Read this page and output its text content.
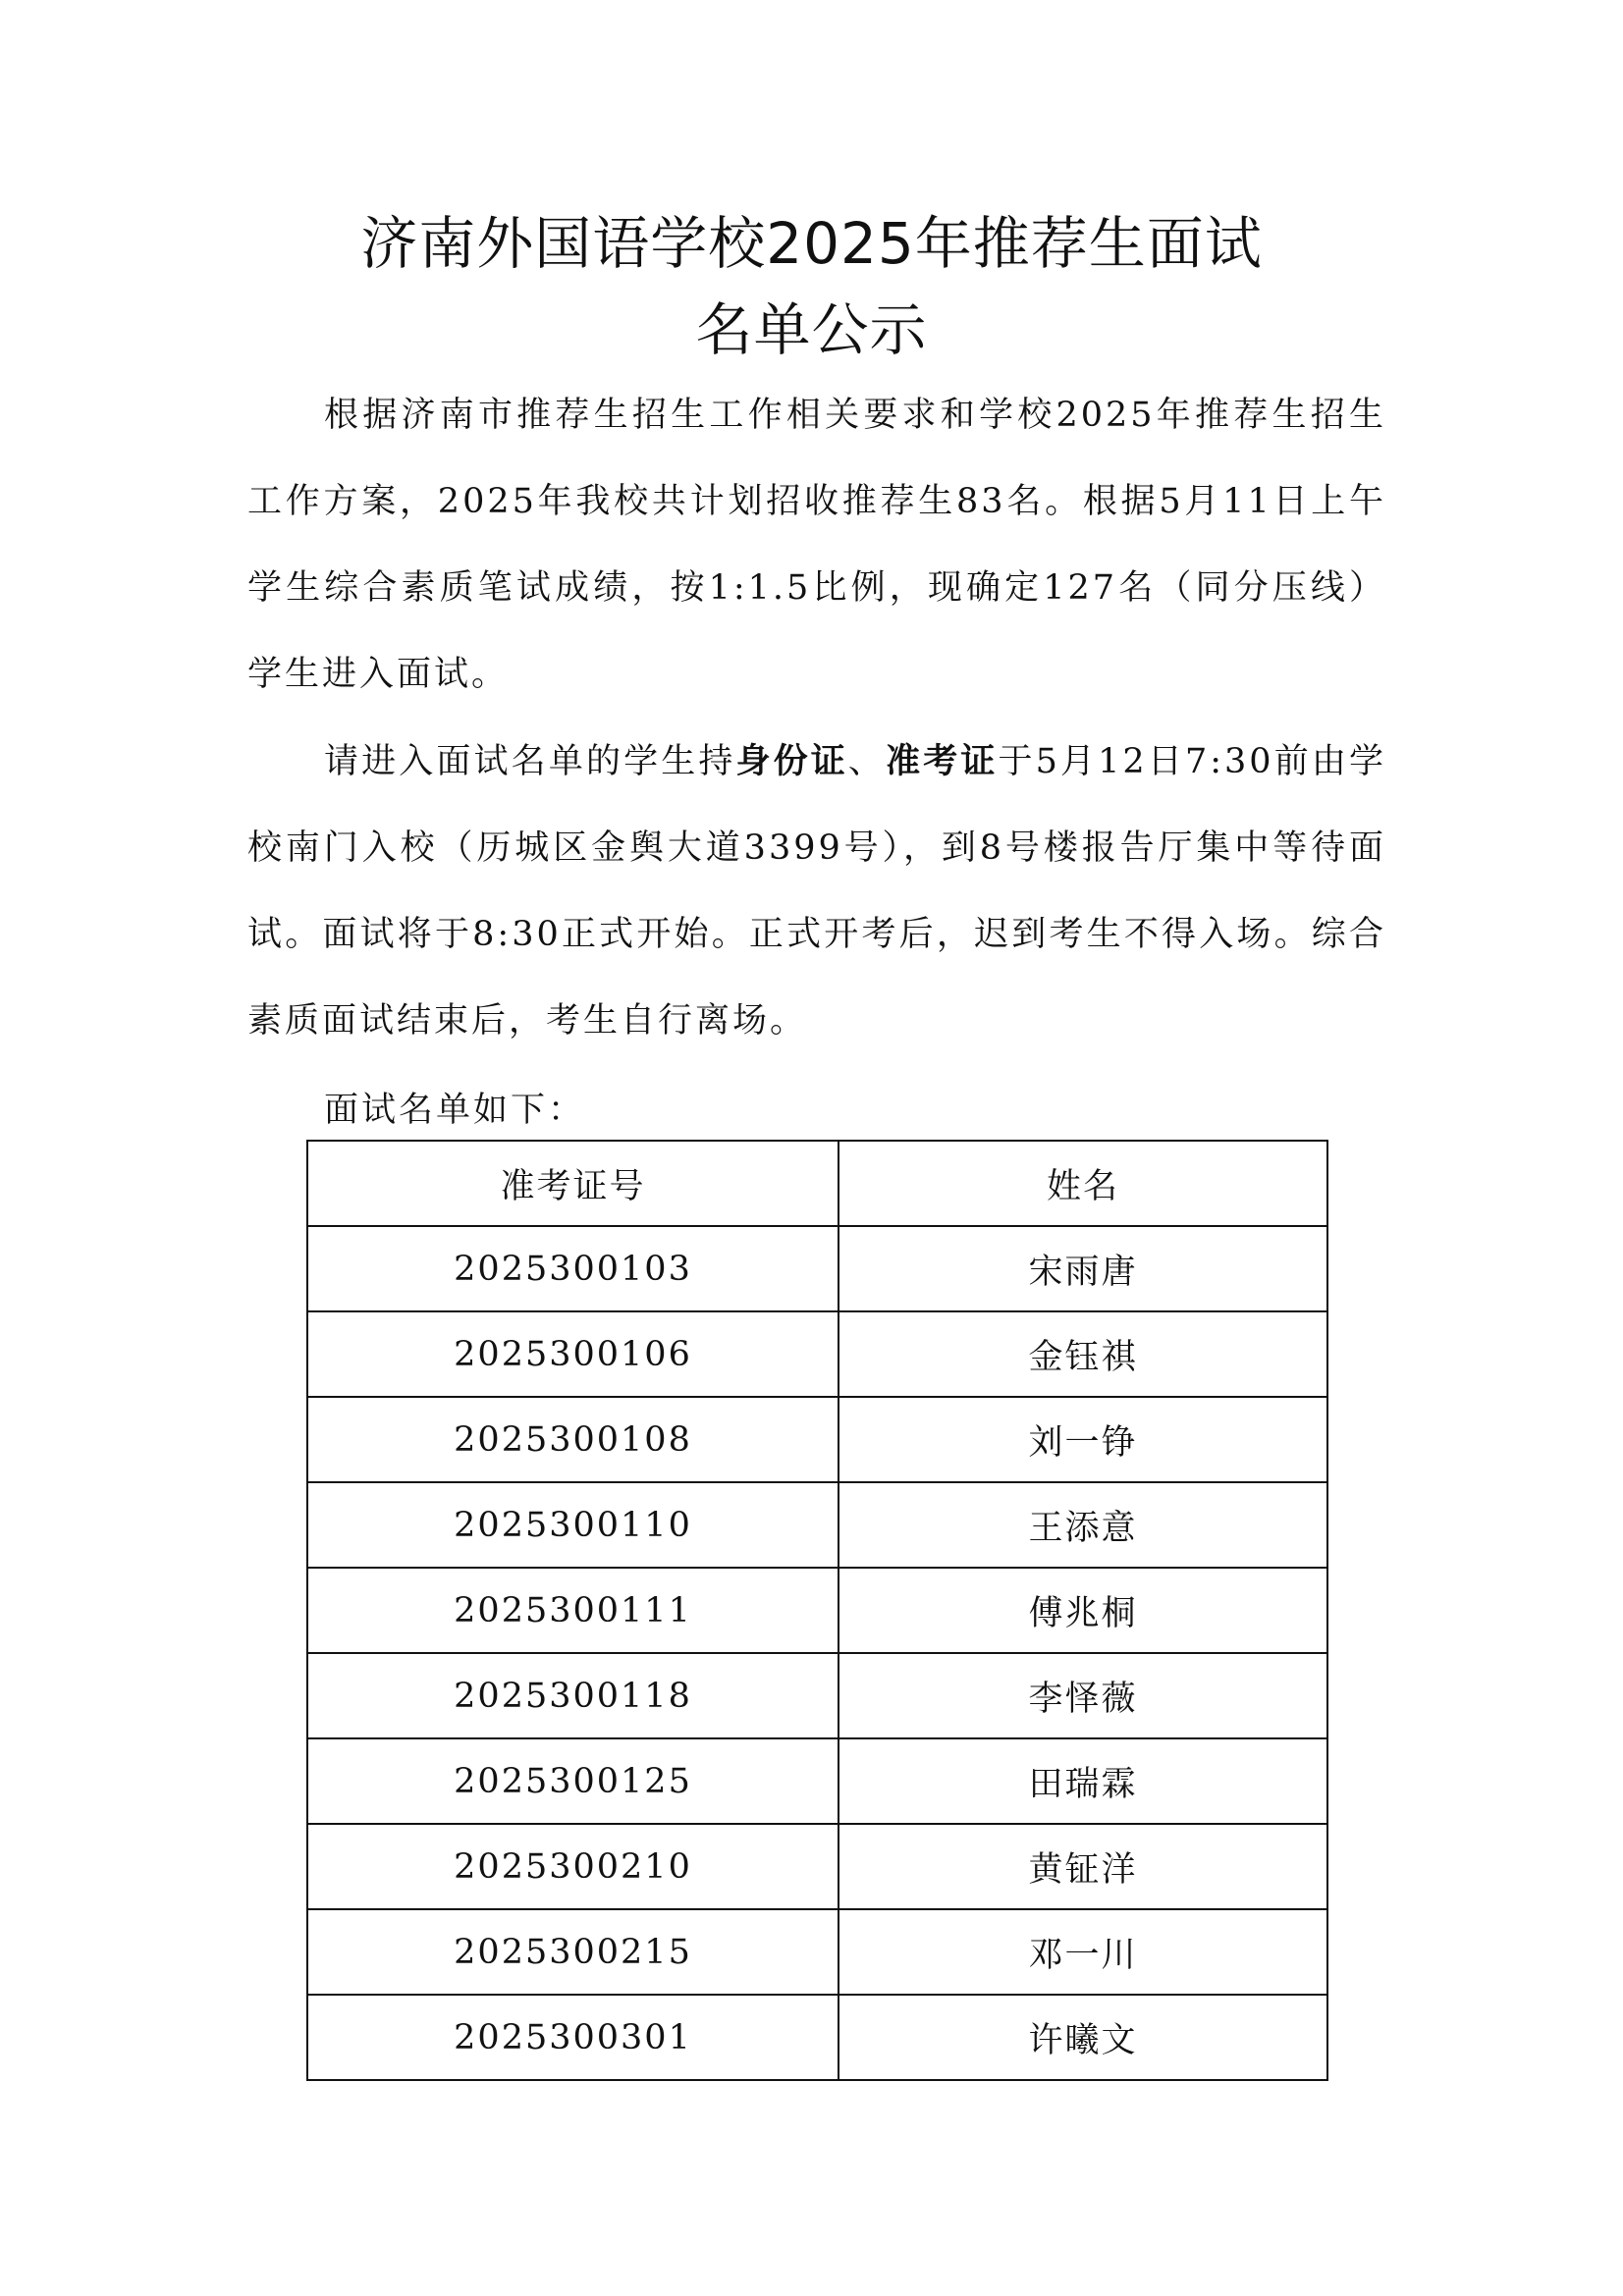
济南外国语学校2025年推荐生面试
名单公示

根据济南市推荐生招生工作相关要求和学校2025年推荐生招生工作方案，2025年我校共计划招收推荐生83名。根据5月11日上午学生综合素质笔试成绩，按1:1.5比例，现确定127名（同分压线）学生进入面试。

请进入面试名单的学生持身份证、准考证于5月12日7:30前由学校南门入校（历城区金舆大道3399号），到8号楼报告厅集中等待面试。面试将于8:30正式开始。正式开考后，迟到考生不得入场。综合素质面试结束后，考生自行离场。

面试名单如下：

准考证号	姓名
2025300103	宋雨唐
2025300106	金钰祺
2025300108	刘一铮
2025300110	王添意
2025300111	傅兆桐
2025300118	李怿薇
2025300125	田瑞霖
2025300210	黄钲洋
2025300215	邓一川
2025300301	许曦文
